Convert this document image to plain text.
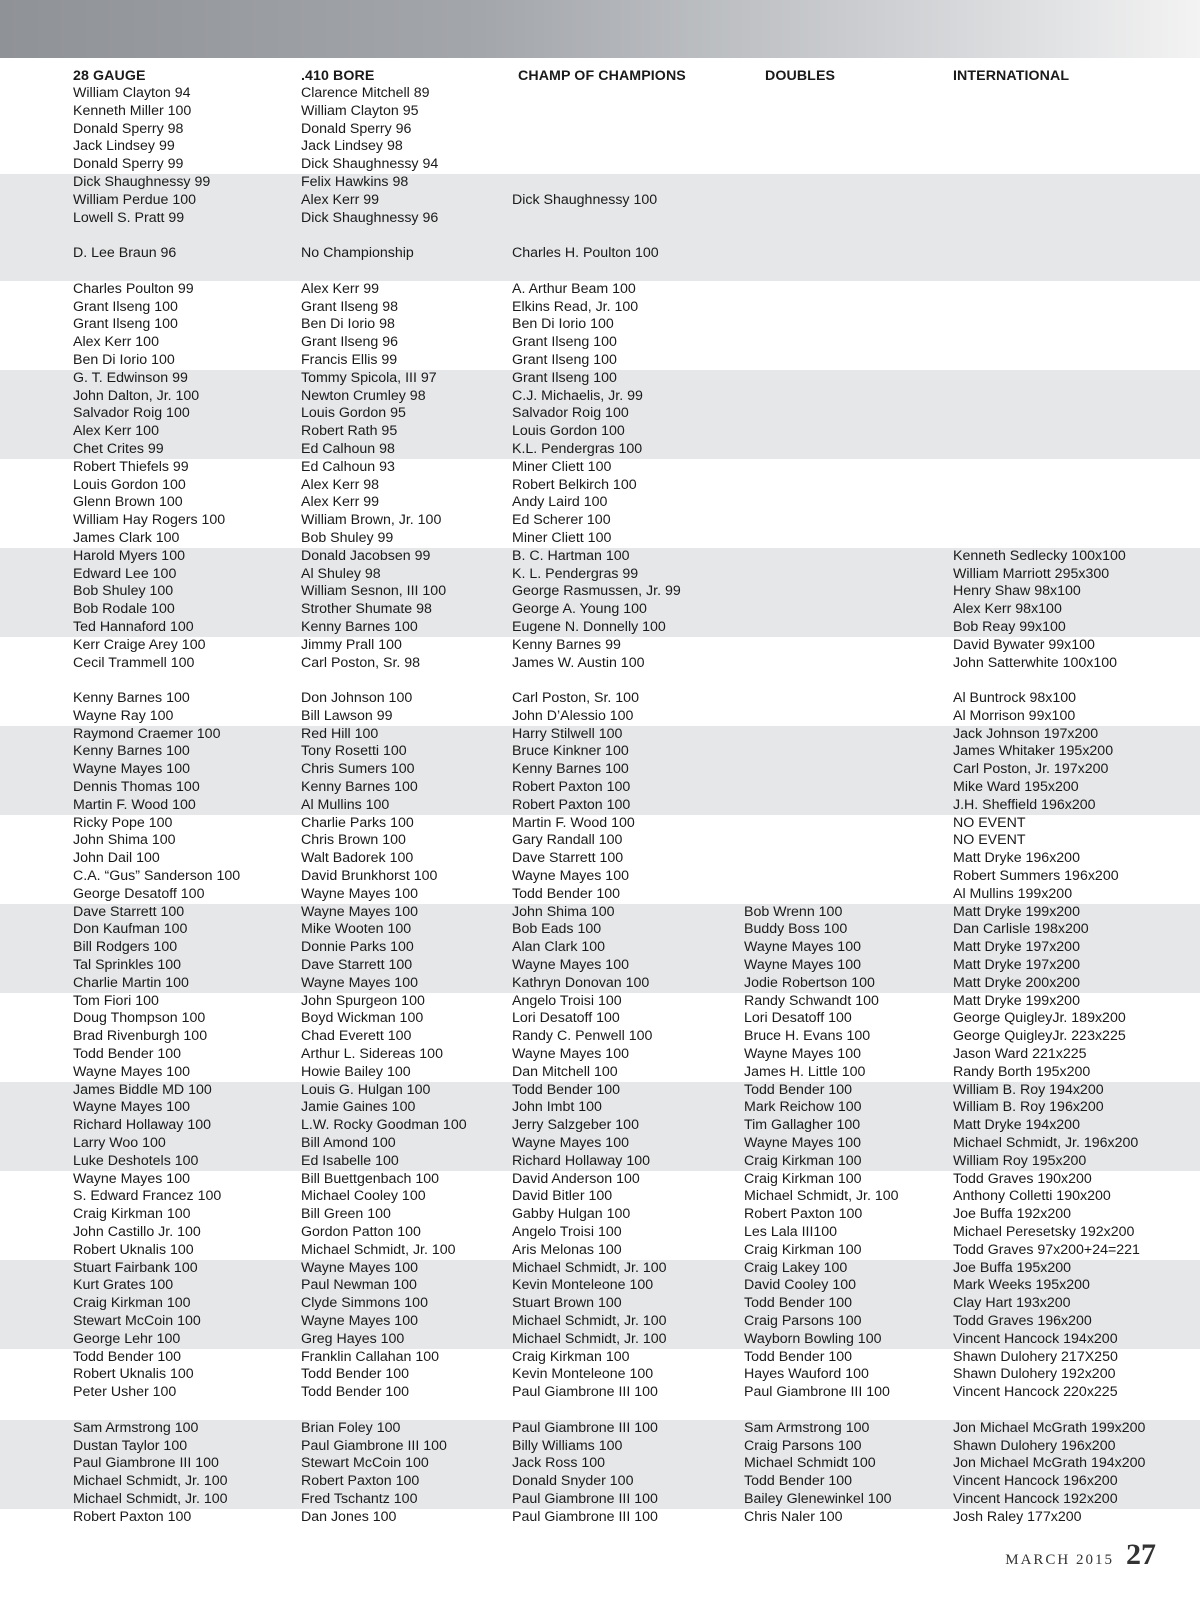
	28 GAUGE	.410 BORE	CHAMP OF CHAMPIONS	DOUBLES	INTERNATIONAL
	William Clayton 94	Clarence Mitchell 89			
	Kenneth Miller 100	William Clayton 95			
	Donald Sperry 98	Donald Sperry 96			
	Jack Lindsey 99	Jack Lindsey 98			
	Donald Sperry 99	Dick Shaughnessy 94			
	Dick Shaughnessy 99	Felix Hawkins 98			
	William Perdue 100	Alex Kerr 99	Dick Shaughnessy 100		
	Lowell S. Pratt 99	Dick Shaughnessy 96			

	D. Lee Braun 96	No Championship	Charles H. Poulton 100		

	Charles Poulton 99	Alex Kerr 99	A. Arthur Beam 100		
	Grant Ilseng 100	Grant Ilseng 98	Elkins Read, Jr. 100		
	Grant Ilseng 100	Ben Di Iorio 98	Ben Di Iorio 100		
	Alex Kerr 100	Grant Ilseng 96	Grant Ilseng 100		
	Ben Di Iorio 100	Francis Ellis 99	Grant Ilseng 100		
	G. T. Edwinson 99	Tommy Spicola, III 97	Grant Ilseng 100		
	John Dalton, Jr. 100	Newton Crumley 98	C.J. Michaelis, Jr. 99		
	Salvador Roig 100	Louis Gordon 95	Salvador Roig 100		
	Alex Kerr 100	Robert Rath 95	Louis Gordon 100		
	Chet Crites 99	Ed Calhoun 98	K.L. Pendergras 100		
	Robert Thiefels 99	Ed Calhoun 93	Miner Cliett 100		
	Louis Gordon 100	Alex Kerr 98	Robert Belkirch 100		
	Glenn Brown 100	Alex Kerr 99	Andy Laird 100		
	William Hay Rogers 100	William Brown, Jr. 100	Ed Scherer 100		
	James Clark 100	Bob Shuley 99	Miner Cliett 100		
	Harold Myers 100	Donald Jacobsen 99	B. C. Hartman 100		Kenneth Sedlecky 100x100
	Edward Lee 100	Al Shuley 98	K. L. Pendergras 99		William Marriott 295x300
	Bob Shuley 100	William Sesnon, III 100	George Rasmussen, Jr. 99		Henry Shaw 98x100
	Bob Rodale 100	Strother Shumate 98	George A. Young 100		Alex Kerr 98x100
	Ted Hannaford 100	Kenny Barnes 100	Eugene N. Donnelly 100		Bob Reay 99x100
	Kerr Craige Arey 100	Jimmy Prall 100	Kenny Barnes 99		David Bywater 99x100
	Cecil Trammell 100	Carl Poston, Sr. 98	James W. Austin 100		John Satterwhite 100x100

	Kenny Barnes 100	Don Johnson 100	Carl Poston, Sr. 100		Al Buntrock 98x100
	Wayne Ray 100	Bill Lawson 99	John D’Alessio 100		Al Morrison 99x100
	Raymond Craemer 100	Red Hill 100	Harry Stilwell 100		Jack Johnson 197x200
	Kenny Barnes 100	Tony Rosetti 100	Bruce Kinkner 100		James Whitaker 195x200
	Wayne Mayes 100	Chris Sumers 100	Kenny Barnes 100		Carl Poston, Jr. 197x200
	Dennis Thomas 100	Kenny Barnes 100	Robert Paxton 100		Mike Ward 195x200
	Martin F. Wood 100	Al Mullins 100	Robert Paxton 100		J.H. Sheffield 196x200
	Ricky Pope 100	Charlie Parks 100	Martin F. Wood 100		NO EVENT
	John Shima 100	Chris Brown 100	Gary Randall 100		NO EVENT
	John Dail 100	Walt Badorek 100	Dave Starrett 100		Matt Dryke 196x200
	C.A. “Gus” Sanderson 100	David Brunkhorst 100	Wayne Mayes 100		Robert Summers 196x200
	George Desatoff 100	Wayne Mayes 100	Todd Bender 100		Al Mullins 199x200
	Dave Starrett 100	Wayne Mayes 100	John Shima 100	Bob Wrenn 100	Matt Dryke 199x200
	Don Kaufman 100	Mike Wooten 100	Bob Eads 100	Buddy Boss 100	Dan Carlisle 198x200
	Bill Rodgers 100	Donnie Parks 100	Alan Clark 100	Wayne Mayes 100	Matt Dryke 197x200
	Tal Sprinkles 100	Dave Starrett 100	Wayne Mayes 100	Wayne Mayes 100	Matt Dryke 197x200
	Charlie Martin 100	Wayne Mayes 100	Kathryn Donovan 100	Jodie Robertson 100	Matt Dryke 200x200
	Tom Fiori 100	John Spurgeon 100	Angelo Troisi 100	Randy Schwandt 100	Matt Dryke 199x200
	Doug Thompson 100	Boyd Wickman 100	Lori Desatoff 100	Lori Desatoff 100	George QuigleyJr. 189x200
	Brad Rivenburgh 100	Chad Everett 100	Randy C. Penwell 100	Bruce H. Evans 100	George QuigleyJr. 223x225
	Todd Bender 100	Arthur L. Sidereas 100	Wayne Mayes 100	Wayne Mayes 100	Jason Ward 221x225
	Wayne Mayes 100	Howie Bailey 100	Dan Mitchell 100	James H. Little 100	Randy Borth 195x200
	James Biddle MD 100	Louis G. Hulgan 100	Todd Bender 100	Todd Bender 100	William B. Roy 194x200
	Wayne Mayes 100	Jamie Gaines 100	John Imbt 100	Mark Reichow 100	William B. Roy 196x200
	Richard Hollaway 100	L.W. Rocky Goodman 100	Jerry Salzgeber 100	Tim Gallagher 100	Matt Dryke 194x200
	Larry Woo 100	Bill Amond 100	Wayne Mayes 100	Wayne Mayes 100	Michael Schmidt, Jr. 196x200
	Luke Deshotels 100	Ed Isabelle 100	Richard Hollaway 100	Craig Kirkman 100	William Roy 195x200
	Wayne Mayes 100	Bill Buettgenbach 100	David Anderson 100	Craig Kirkman 100	Todd Graves 190x200
	S. Edward Francez 100	Michael Cooley 100	David Bitler 100	Michael Schmidt, Jr. 100	Anthony Colletti 190x200
	Craig Kirkman 100	Bill Green 100	Gabby Hulgan 100	Robert Paxton 100	Joe Buffa 192x200
	John Castillo Jr. 100	Gordon Patton 100	Angelo Troisi 100	Les Lala III100	Michael Peresetsky 192x200
	Robert Uknalis 100	Michael Schmidt, Jr. 100	Aris Melonas 100	Craig Kirkman 100	Todd Graves 97x200+24=221
	Stuart Fairbank 100	Wayne Mayes 100	Michael Schmidt, Jr. 100	Craig Lakey 100	Joe Buffa 195x200
	Kurt Grates 100	Paul Newman 100	Kevin Monteleone 100	David Cooley 100	Mark Weeks 195x200
	Craig Kirkman 100	Clyde Simmons 100	Stuart Brown 100	Todd Bender 100	Clay Hart 193x200
	Stewart McCoin 100	Wayne Mayes 100	Michael Schmidt, Jr. 100	Craig Parsons 100	Todd Graves 196x200
	George Lehr 100	Greg Hayes 100	Michael Schmidt, Jr. 100	Wayborn Bowling 100	Vincent Hancock 194x200
	Todd Bender 100	Franklin Callahan 100	Craig Kirkman 100	Todd Bender 100	Shawn Dulohery 217X250
	Robert Uknalis 100	Todd Bender 100	Kevin Monteleone 100	Hayes Wauford 100	Shawn Dulohery 192x200
	Peter Usher 100	Todd Bender 100	Paul Giambrone III 100	Paul Giambrone III 100	Vincent Hancock 220x225

	Sam Armstrong 100	Brian Foley 100	Paul Giambrone III 100	Sam Armstrong 100	Jon Michael McGrath 199x200
	Dustan Taylor 100	Paul Giambrone III 100	Billy Williams 100	Craig Parsons 100	Shawn Dulohery 196x200
	Paul Giambrone III 100	Stewart McCoin 100	Jack Ross 100	Michael Schmidt 100	Jon Michael McGrath 194x200
	Michael Schmidt, Jr. 100	Robert Paxton 100	Donald Snyder 100	Todd Bender 100	Vincent Hancock 196x200
	Michael Schmidt, Jr. 100	Fred Tschantz 100	Paul Giambrone III 100	Bailey Glenewinkel 100	Vincent Hancock 192x200
	Robert Paxton 100	Dan Jones 100	Paul Giambrone III 100	Chris Naler 100	Josh Raley 177x200
MARCH 2015 27
